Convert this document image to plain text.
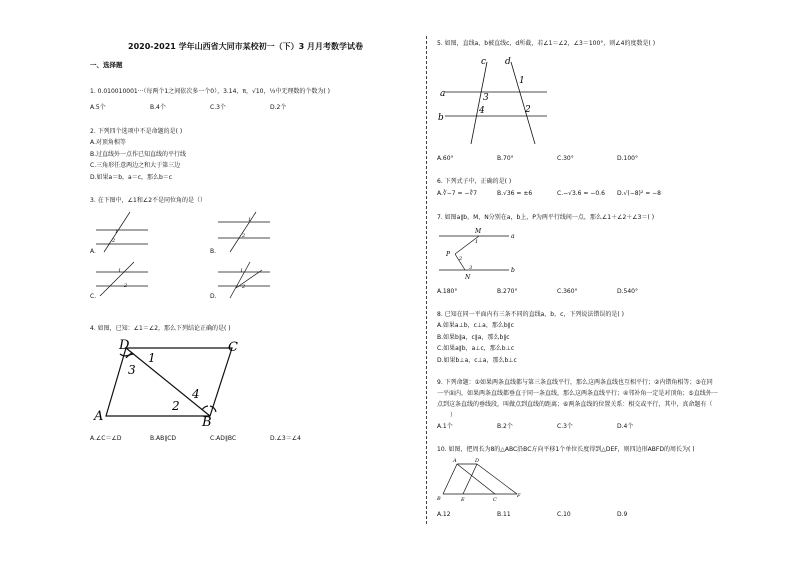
2020-2021 学年山西省大同市某校初一（下）3 月月考数学试卷
一、选择题
1. 0.010010001···（每两个1之间依次多一个0），3.14，π，√10，⅓中无理数的个数为( )
A.5个	B.4个	C.3个	D.2个
2. 下列四个选项中不是命题的是( )
A.对顶角相等
B.过直线外一点作已知直线的平行线
C.三角形任意两边之和大于第三边
D.如果a＝b，a＝c，那么b＝c
3. 在下图中，∠1和∠2不是同位角的是（）
1
2
1
2
1
2
1
2
A.	B.
C.	D.
4. 如图，已知：∠1＝∠2，那么下列结论正确的是( )
D	C
A	B
1
3
2
4
A.∠C＝∠D	B.AB∥CD	C.AD∥BC	D.∠3＝∠4
5. 如图，直线a，b被直线c，d所截，若∠1＝∠2，∠3＝100°，则∠4的度数是( )
c d
a
b
1
3
4	2
A.60°	B.70°	C.30°	D.100°
6. 下列式子中，正确的是( )
A.∛−7 = −∛7	B.√36 = ±6	C.−√3.6 = −0.6 D.√(−8)² = −8
7. 如图a∥b，M，N分别在a，b上，P为两平行线间一点，那么∠1＋∠2＋∠3＝( )
M
N
P
a
b
1
2
3
A.180°	B.270°	C.360°	D.540°
8. 已知在同一平面内有三条不同的直线a，b，c，下列说法错误的是( )
A.如果a⊥b，c⊥a，那么b∥c
B.如果b∥a，c∥a，那么b∥c
C.如果a∥b，a⊥c，那么b⊥c
D.如果b⊥a，c⊥a，那么b⊥c
9. 下列命题：①如果两条直线都与第三条直线平行，那么这两条直线也互相平行；②内错角相等；③在同
一平面内，如果两条直线都垂直于同一条直线，那么这两条直线平行；④邻补角一定是对顶角；⑤直线外一
点到这条直线的垂线段，叫做点到直线的距离；⑥两条直线的位置关系：相交或平行，其中，真命题有（
）
A.1个	B.2个	C.3个	D.4个
10. 如图，把周长为8的△ABC沿BC方向平移1个单位长度得到△DEF，则四边形ABFD的周长为( )
A	D
B	E	C
F
A.12	B.11	C.10	D.9
